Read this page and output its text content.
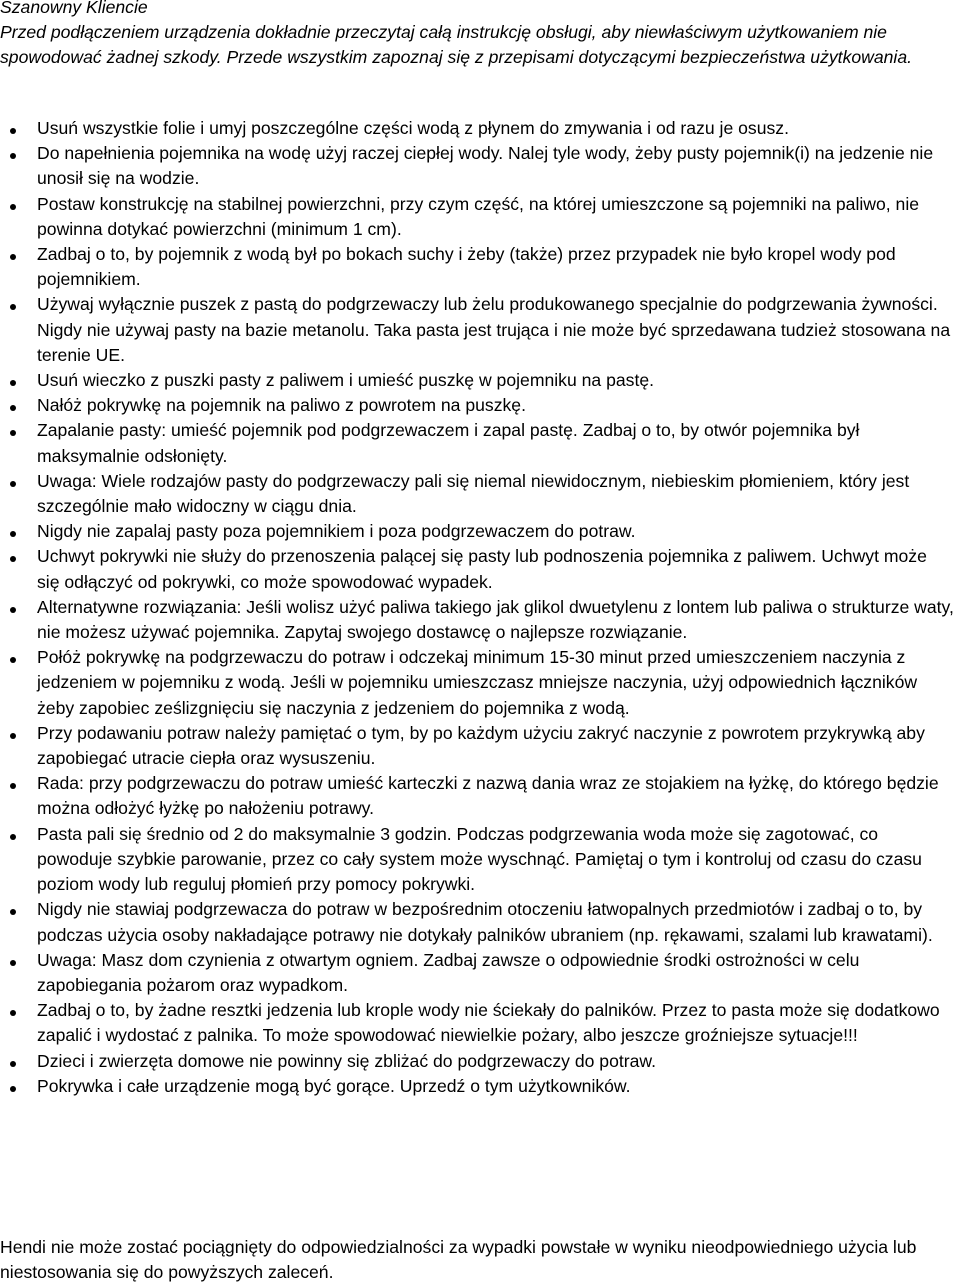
Szanowny Kliencie

Przed podłączeniem urządzenia dokładnie przeczytaj całą instrukcję obsługi, aby niewłaściwym użytkowaniem nie spowodować żadnej szkody. Przede wszystkim zapoznaj się z przepisami dotyczącymi bezpieczeństwa użytkowania.

Usuń wszystkie folie i umyj poszczególne części wodą z płynem do zmywania i od razu je osusz.
Do napełnienia pojemnika na wodę użyj raczej ciepłej wody. Nalej tyle wody, żeby pusty pojemnik(i) na jedzenie nie unosił się na wodzie.
Postaw konstrukcję na stabilnej powierzchni, przy czym część, na której umieszczone są pojemniki na paliwo, nie powinna dotykać powierzchni (minimum 1 cm).
Zadbaj o to, by pojemnik z wodą był po bokach suchy i żeby (także) przez przypadek nie było kropel wody pod pojemnikiem.
Używaj wyłącznie puszek z pastą do podgrzewaczy lub żelu produkowanego specjalnie do podgrzewania żywności. Nigdy nie używaj pasty na bazie metanolu. Taka pasta jest trująca i nie może być sprzedawana tudzież stosowana na terenie UE.
Usuń wieczko z puszki pasty z paliwem i umieść puszkę w pojemniku na pastę.
Nałóż pokrywkę na pojemnik na paliwo z powrotem na puszkę.
Zapalanie pasty: umieść pojemnik pod podgrzewaczem i zapal pastę. Zadbaj o to, by otwór pojemnika był maksymalnie odsłonięty.
Uwaga: Wiele rodzajów pasty do podgrzewaczy pali się niemal niewidocznym, niebieskim płomieniem, który jest szczególnie mało widoczny w ciągu dnia.
Nigdy nie zapalaj pasty poza pojemnikiem i poza podgrzewaczem do potraw.
Uchwyt pokrywki nie służy do przenoszenia palącej się pasty lub podnoszenia pojemnika z paliwem. Uchwyt może się odłączyć od pokrywki, co może spowodować wypadek.
Alternatywne rozwiązania: Jeśli wolisz użyć paliwa takiego jak glikol dwuetylenu z lontem lub paliwa o strukturze waty, nie możesz używać pojemnika. Zapytaj swojego dostawcę o najlepsze rozwiązanie.
Połóż pokrywkę na podgrzewaczu do potraw i odczekaj minimum 15-30 minut przed umieszczeniem naczynia z jedzeniem w pojemniku z wodą. Jeśli w pojemniku umieszczasz mniejsze naczynia, użyj odpowiednich łączników żeby zapobiec ześlizgnięciu się naczynia z jedzeniem do pojemnika z wodą.
Przy podawaniu potraw należy pamiętać o tym, by po każdym użyciu zakryć naczynie z powrotem przykrywką aby zapobiegać utracie ciepła oraz wysuszeniu.
Rada: przy podgrzewaczu do potraw umieść karteczki z nazwą dania wraz ze stojakiem na łyżkę, do którego będzie można odłożyć łyżkę po nałożeniu potrawy.
Pasta pali się średnio od 2 do maksymalnie 3 godzin. Podczas podgrzewania woda może się zagotować, co powoduje szybkie parowanie, przez co cały system może wyschnąć. Pamiętaj o tym i kontroluj od czasu do czasu poziom wody lub reguluj płomień przy pomocy pokrywki.
Nigdy nie stawiaj podgrzewacza do potraw w bezpośrednim otoczeniu łatwopalnych przedmiotów i zadbaj o to, by podczas użycia osoby nakładające potrawy nie dotykały palników ubraniem (np. rękawami, szalami lub krawatami).
Uwaga: Masz dom czynienia z otwartym ogniem. Zadbaj zawsze o odpowiednie środki ostrożności w celu zapobiegania pożarom oraz wypadkom.
Zadbaj o to, by żadne resztki jedzenia lub krople wody nie ściekały do palników. Przez to pasta może się dodatkowo zapalić i wydostać z palnika. To może spowodować niewielkie pożary, albo jeszcze groźniejsze sytuacje!!!
Dzieci i zwierzęta domowe nie powinny się zbliżać do podgrzewaczy do potraw.
Pokrywka i całe urządzenie mogą być gorące. Uprzedź o tym użytkowników.

Hendi nie może zostać pociągnięty do odpowiedzialności za wypadki powstałe w wyniku nieodpowiedniego użycia lub niestosowania się do powyższych zaleceń.
